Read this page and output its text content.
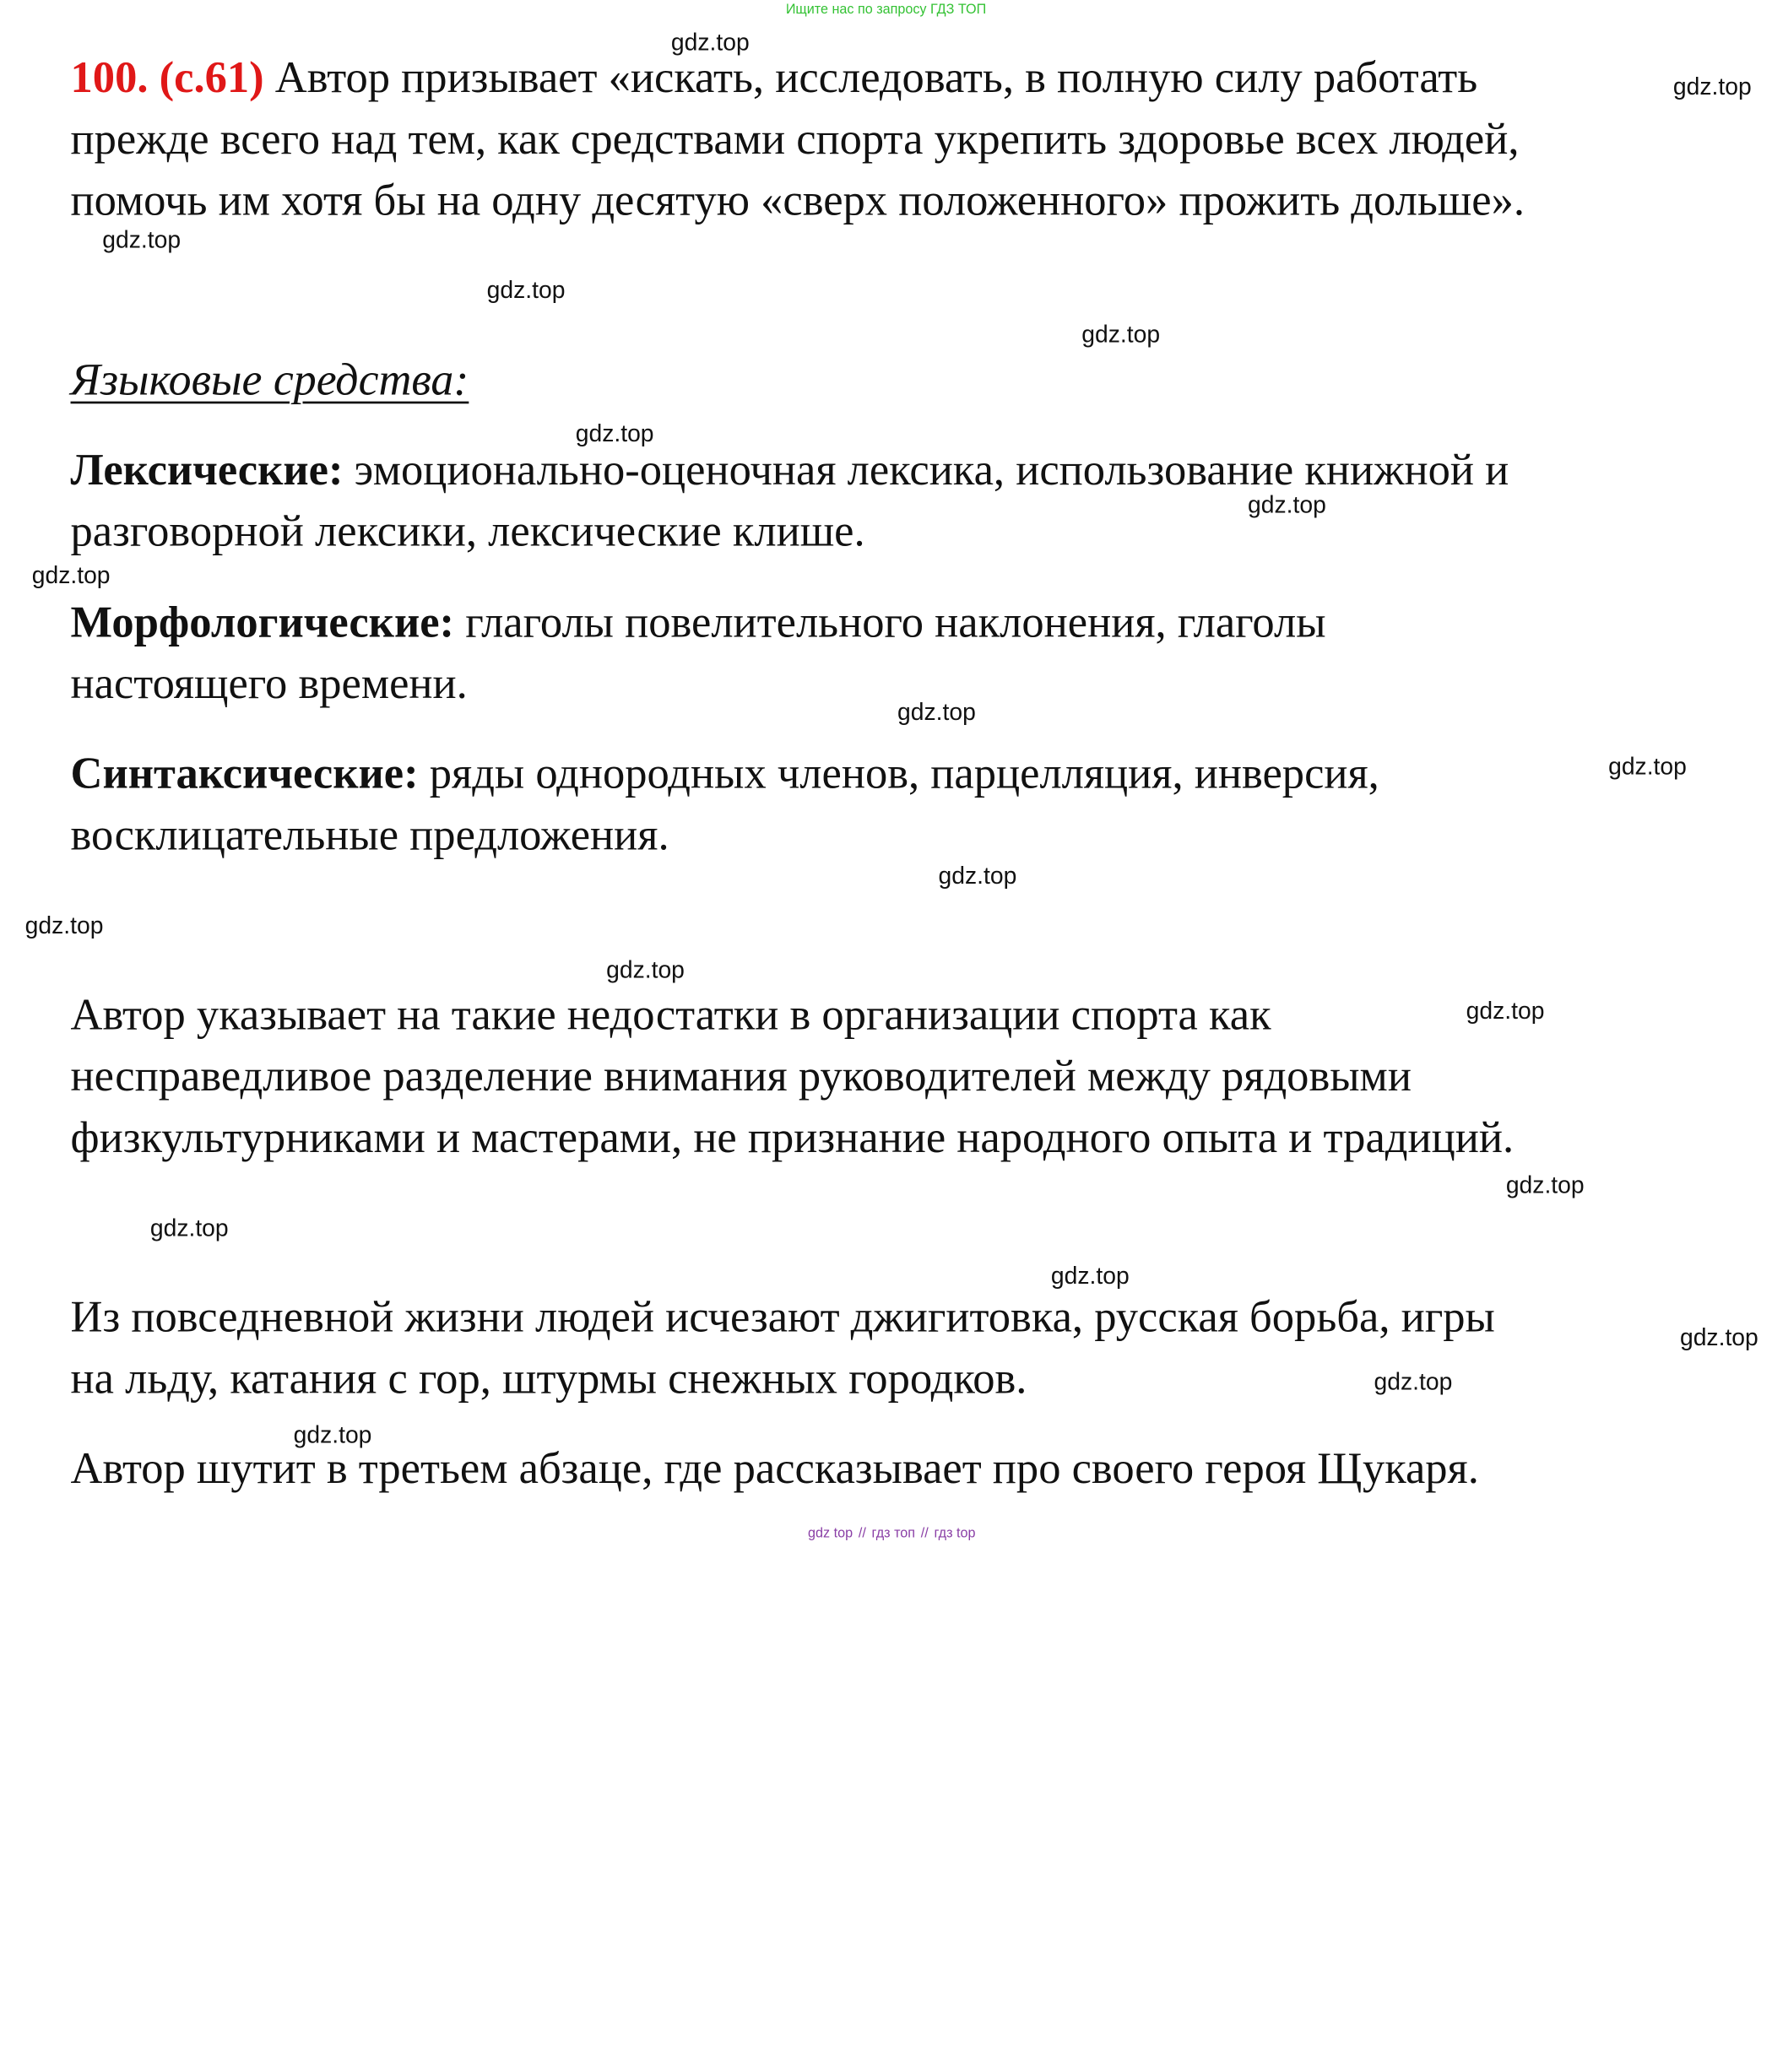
Ищите нас по запросу ГДЗ ТОП
100. (с.61) Автор призывает «искать, исследовать, в полную силу работать
прежде всего над тем, как средствами спорта укрепить здоровье всех людей,
помочь им хотя бы на одну десятую «сверх положенного» прожить дольше».
Языковые средства:
Лексические: эмоционально-оценочная лексика, использование книжной и
разговорной лексики, лексические клише.
Морфологические: глаголы повелительного наклонения, глаголы
настоящего времени.
Синтаксические: ряды однородных членов, парцелляция, инверсия,
восклицательные предложения.
Автор указывает на такие недостатки в организации спорта как
несправедливое разделение внимания руководителей между рядовыми
физкультурниками и мастерами, не признание народного опыта и традиций.
Из повседневной жизни людей исчезают джигитовка, русская борьба, игры
на льду, катания с гор, штурмы снежных городков.
Автор шутит в третьем абзаце, где рассказывает про своего героя Щукаря.
gdz.top
gdz.top
gdz.top
gdz.top
gdz.top
gdz.top
gdz.top
gdz.top
gdz.top
gdz.top
gdz.top
gdz.top
gdz.top
gdz.top
gdz.top
gdz.top
gdz.top
gdz.top
gdz.top
gdz.top
gdz top // гдз топ // гдз top
